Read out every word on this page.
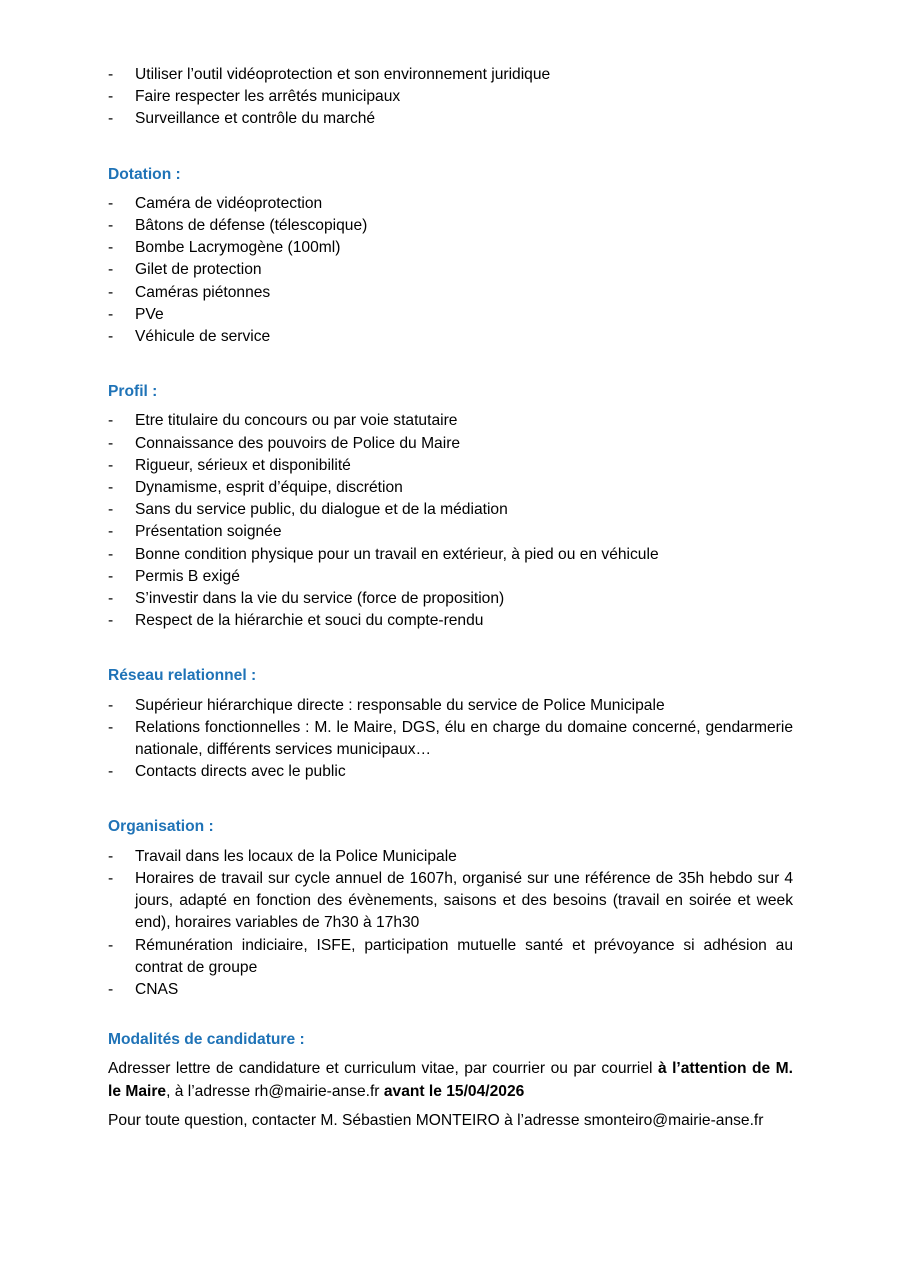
- Utiliser l’outil vidéoprotection et son environnement juridique
- Faire respecter les arrêtés municipaux
- Surveillance et contrôle du marché
Dotation :
- Caméra de vidéoprotection
- Bâtons de défense (télescopique)
- Bombe Lacrymogène (100ml)
- Gilet de protection
- Caméras piétonnes
- PVe
- Véhicule de service
Profil :
- Etre titulaire du concours ou par voie statutaire
- Connaissance des pouvoirs de Police du Maire
- Rigueur, sérieux et disponibilité
- Dynamisme, esprit d’équipe, discrétion
- Sans du service public, du dialogue et de la médiation
- Présentation soignée
- Bonne condition physique pour un travail en extérieur, à pied ou en véhicule
- Permis B exigé
- S’investir dans la vie du service (force de proposition)
- Respect de la hiérarchie et souci du compte-rendu
Réseau relationnel :
- Supérieur hiérarchique directe : responsable du service de Police Municipale
- Relations fonctionnelles : M. le Maire, DGS, élu en charge du domaine concerné, gendarmerie nationale, différents services municipaux…
- Contacts directs avec le public
Organisation :
- Travail dans les locaux de la Police Municipale
- Horaires de travail sur cycle annuel de 1607h, organisé sur une référence de 35h hebdo sur 4 jours, adapté en fonction des évènements, saisons et des besoins (travail en soirée et week end), horaires variables de 7h30 à 17h30
- Rémunération indiciaire, ISFE, participation mutuelle santé et prévoyance si adhésion au contrat de groupe
- CNAS
Modalités de candidature :

Adresser lettre de candidature et curriculum vitae, par courrier ou par courriel à l’attention de M. le Maire, à l’adresse rh@mairie-anse.fr avant le 15/04/2026

Pour toute question, contacter M. Sébastien MONTEIRO à l’adresse smonteiro@mairie-anse.fr
